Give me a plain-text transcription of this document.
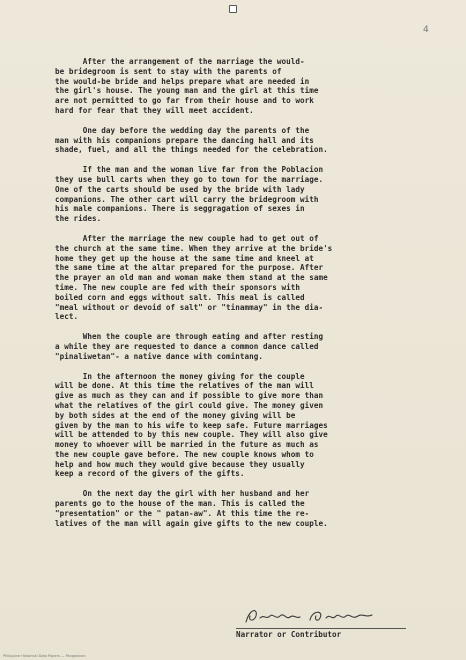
4

After the arrangement of the marriage the would-
be bridegroom is sent to stay with the parents of
the would-be bride and helps prepare what are needed in
the girl's house. The young man and the girl at this time
are not permitted to go far from their house and to work
hard for fear that they will meet accident.

One day before the wedding day the parents of the
man with his companions prepare the dancing hall and its
shade, fuel, and all the things needed for the celebration.

If the man and the woman live far from the Poblacion
they use bull carts when they go to town for the marriage.
One of the carts should be used by the bride with lady
companions. The other cart will carry the bridegroom with
his male companions. There is seggragation of sexes in
the rides.

After the marriage the new couple had to get out of
the church at the same time. When they arrive at the bride's
home they get up the house at the same time and kneel at
the same time at the altar prepared for the purpose. After
the prayer an old man and woman make them stand at the same
time. The new couple are fed with their sponsors with
boiled corn and eggs without salt. This meal is called
"meal without or devoid of salt" or "tinammay" in the dia-
lect.

When the couple are through eating and after resting
a while they are requested to dance a common dance called
"pinaliwetan"- a native dance with comintang.

In the afternoon the money giving for the couple
will be done. At this time the relatives of the man will
give as much as they can and if possible to give more than
what the relatives of the girl could give. The money given
by both sides at the end of the money giving will be
given by the man to his wife to keep safe. Future marriages
will be attended to by this new couple. They will also give
money to whoever will be married in the future as much as
the new couple gave before. The new couple knows whom to
help and how much they would give because they usually
keep a record of the givers of the gifts.

On the next day the girl with her husband and her
parents go to the house of the man. This is called the
"presentation" or the " patan-aw". At this time the re-
latives of the man will again give gifts to the new couple.

Narrator or Contributor
Philippine Historical Data Papers — Pangasinan
